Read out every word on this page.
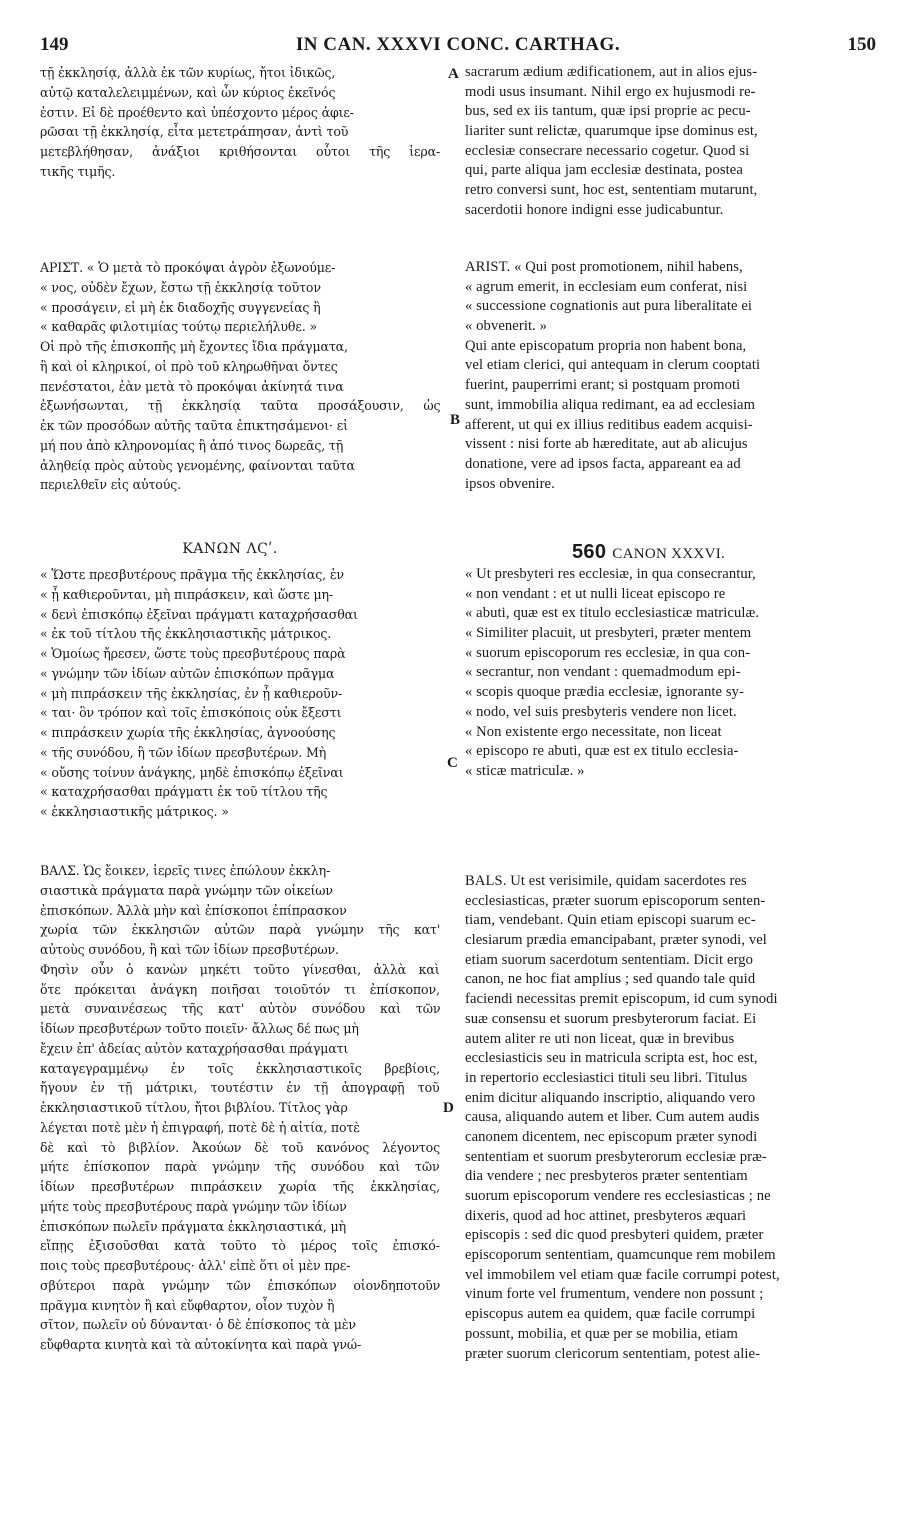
149	IN CAN. XXXVI CONC. CARTHAG.	150
τῇ ἐκκλησίᾳ, ἀλλὰ ἐκ τῶν κυρίως, ἤτοι ἰδικῶς,
αὐτῷ καταλελειμμένων, καὶ ὧν κύριος ἐκεῖνός
ἐστιν. Εἰ δὲ προέθεντο καὶ ὑπέσχοντο μέρος ἀφιε-
ρῶσαι τῇ ἐκκλησίᾳ, εἶτα μετετράπησαν, ἀντὶ τοῦ
μετεβλήθησαν, ἀνάξιοι κριθήσονται οὗτοι τῆς ἱερα-
τικῆς τιμῆς.
ΑΡΙΣΤ. « Ὁ μετὰ τὸ προκόψαι ἀγρὸν ἐξωνούμε-
« νος, οὐδὲν ἔχων, ἔστω τῇ ἐκκλησίᾳ τοῦτον
« προσάγειν, εἰ μὴ ἐκ διαδοχῆς συγγενείας ἢ
« καθαρᾶς φιλοτιμίας τούτῳ περιελήλυθε. »
Οἱ πρὸ τῆς ἐπισκοπῆς μὴ ἔχοντες ἴδια πράγματα,
ἢ καὶ οἱ κληρικοί, οἱ πρὸ τοῦ κληρωθῆναι ὄντες
πενέστατοι, ἐὰν μετὰ τὸ προκόψαι ἀκίνητά τινα
ἐξωνήσωνται, τῇ ἐκκλησίᾳ ταῦτα προσάξουσιν, ὡς
ἐκ τῶν προσόδων αὐτῆς ταῦτα ἐπικτησάμενοι· εἰ
μή που ἀπὸ κληρονομίας ἢ ἀπό τινος δωρεᾶς, τῇ
ἀληθείᾳ πρὸς αὐτοὺς γενομένης, φαίνονται ταῦτα
περιελθεῖν εἰς αὐτούς.
ΚΑΝΩΝ ΛϚʹ.
« Ὥστε πρεσβυτέρους πρᾶγμα τῆς ἐκκλησίας, ἐν
« ᾗ καθιεροῦνται, μὴ πιπράσκειν, καὶ ὥστε μη-
« δενὶ ἐπισκόπῳ ἐξεῖναι πράγματι καταχρήσασθαι
« ἐκ τοῦ τίτλου τῆς ἐκκλησιαστικῆς μάτρικος.
« Ὁμοίως ἤρεσεν, ὥστε τοὺς πρεσβυτέρους παρὰ
« γνώμην τῶν ἰδίων αὐτῶν ἐπισκόπων πρᾶγμα
« μὴ πιπράσκειν τῆς ἐκκλησίας, ἐν ᾗ καθιεροῦν-
« ται· ὃν τρόπον καὶ τοῖς ἐπισκόποις οὐκ ἔξεστι
« πιπράσκειν χωρία τῆς ἐκκλησίας, ἀγνοούσης
« τῆς συνόδου, ἢ τῶν ἰδίων πρεσβυτέρων. Μὴ
« οὔσης τοίνυν ἀνάγκης, μηδὲ ἐπισκόπῳ ἐξεῖναι
« καταχρήσασθαι πράγματι ἐκ τοῦ τίτλου τῆς
« ἐκκλησιαστικῆς μάτρικος. »
ΒΑΛΣ. Ὡς ἔοικεν, ἱερεῖς τινες ἐπώλουν ἐκκλη-
σιαστικὰ πράγματα παρὰ γνώμην τῶν οἰκείων
ἐπισκόπων. Ἀλλὰ μὴν καὶ ἐπίσκοποι ἐπίπρασκον
χωρία τῶν ἐκκλησιῶν αὐτῶν παρὰ γνώμην τῆς κατ'
αὐτοὺς συνόδου, ἢ καὶ τῶν ἰδίων πρεσβυτέρων.
Φησὶν οὖν ὁ κανὼν μηκέτι τοῦτο γίνεσθαι, ἀλλὰ καὶ
ὅτε πρόκειται ἀνάγκη ποιῆσαι τοιοῦτόν τι ἐπίσκοπον,
μετὰ συναινέσεως τῆς κατ' αὐτὸν συνόδου καὶ τῶν
ἰδίων πρεσβυτέρων τοῦτο ποιεῖν· ἄλλως δέ πως μὴ
ἔχειν ἐπ' ἀδείας αὐτὸν καταχρήσασθαι πράγματι
καταγεγραμμένῳ ἐν τοῖς ἐκκλησιαστικοῖς βρεβίοις,
ἤγουν ἐν τῇ μάτρικι, τουτέστιν ἐν τῇ ἀπογραφῇ τοῦ
ἐκκλησιαστικοῦ τίτλου, ἤτοι βιβλίου. Τίτλος γὰρ
λέγεται ποτὲ μὲν ἡ ἐπιγραφή, ποτὲ δὲ ἡ αἰτία, ποτὲ
δὲ καὶ τὸ βιβλίον. Ἀκούων δὲ τοῦ κανόνος λέγοντος
μήτε ἐπίσκοπον παρὰ γνώμην τῆς συνόδου καὶ τῶν
ἰδίων πρεσβυτέρων πιπράσκειν χωρία τῆς ἐκκλησίας,
μήτε τοὺς πρεσβυτέρους παρὰ γνώμην τῶν ἰδίων
ἐπισκόπων πωλεῖν πράγματα ἐκκλησιαστικά, μὴ
εἴπῃς ἐξισοῦσθαι κατὰ τοῦτο τὸ μέρος τοῖς ἐπισκό-
ποις τοὺς πρεσβυτέρους· ἀλλ' εἰπὲ ὅτι οἱ μὲν πρε-
σβύτεροι παρὰ γνώμην τῶν ἐπισκόπων οἱονδηποτοῦν
πρᾶγμα κινητὸν ἢ καὶ εὔφθαρτον, οἷον τυχὸν ἢ
σῖτον, πωλεῖν οὐ δύνανται· ὁ δὲ ἐπίσκοπος τὰ μὲν
εὔφθαρτα κινητὰ καὶ τὰ αὐτοκίνητα καὶ παρὰ γνώ-
sacrarum ædium ædificationem, aut in alios ejus-
modi usus insumant. Nihil ergo ex hujusmodi re-
bus, sed ex iis tantum, quæ ipsi proprie ac pecu-
liariter sunt relictæ, quarumque ipse dominus est,
ecclesiæ consecrare necessario cogetur. Quod si
qui, parte aliqua jam ecclesiæ destinata, postea
retro conversi sunt, hoc est, sententiam mutarunt,
sacerdotii honore indigni esse judicabuntur.
ARIST. « Qui post promotionem, nihil habens,
« agrum emerit, in ecclesiam eum conferat, nisi
« successione cognationis aut pura liberalitate ei
« obvenerit. »
Qui ante episcopatum propria non habent bona,
vel etiam clerici, qui antequam in clerum cooptati
fuerint, pauperrimi erant; si postquam promoti
sunt, immobilia aliqua redimant, ea ad ecclesiam
afferent, ut qui ex illius reditibus eadem acquisi-
vissent : nisi forte ab hæreditate, aut ab alicujus
donatione, vere ad ipsos facta, appareant ea ad
ipsos obvenire.
560 CANON XXXVI.
« Ut presbyteri res ecclesiæ, in qua consecrantur,
« non vendant : et ut nulli liceat episcopo re
« abuti, quæ est ex titulo ecclesiasticæ matriculæ.
« Similiter placuit, ut presbyteri, præter mentem
« suorum episcoporum res ecclesiæ, in qua con-
« secrantur, non vendant : quemadmodum epi-
« scopis quoque prædia ecclesiæ, ignorante sy-
« nodo, vel suis presbyteris vendere non licet.
« Non existente ergo necessitate, non liceat
« episcopo re abuti, quæ est ex titulo ecclesia-
« sticæ matriculæ. »
BALS. Ut est verisimile, quidam sacerdotes res
ecclesiasticas, præter suorum episcoporum senten-
tiam, vendebant. Quin etiam episcopi suarum ec-
clesiarum prædia emancipabant, præter synodi, vel
etiam suorum sacerdotum sententiam. Dicit ergo
canon, ne hoc fiat amplius ; sed quando tale quid
faciendi necessitas premit episcopum, id cum synodi
suæ consensu et suorum presbyterorum faciat. Ei
autem aliter re uti non liceat, quæ in brevibus
ecclesiasticis seu in matricula scripta est, hoc est,
in repertorio ecclesiastici tituli seu libri. Titulus
enim dicitur aliquando inscriptio, aliquando vero
causa, aliquando autem et liber. Cum autem audis
canonem dicentem, nec episcopum præter synodi
sententiam et suorum presbyterorum ecclesiæ præ-
dia vendere ; nec presbyteros præter sententiam
suorum episcoporum vendere res ecclesiasticas ; ne
dixeris, quod ad hoc attinet, presbyteros æquari
episcopis : sed dic quod presbyteri quidem, præter
episcoporum sententiam, quamcunque rem mobilem
vel immobilem vel etiam quæ facile corrumpi potest,
vinum forte vel frumentum, vendere non possunt ;
episcopus autem ea quidem, quæ facile corrumpi
possunt, mobilia, et quæ per se mobilia, etiam
præter suorum clericorum sententiam, potest alie-
A
B
C
D
